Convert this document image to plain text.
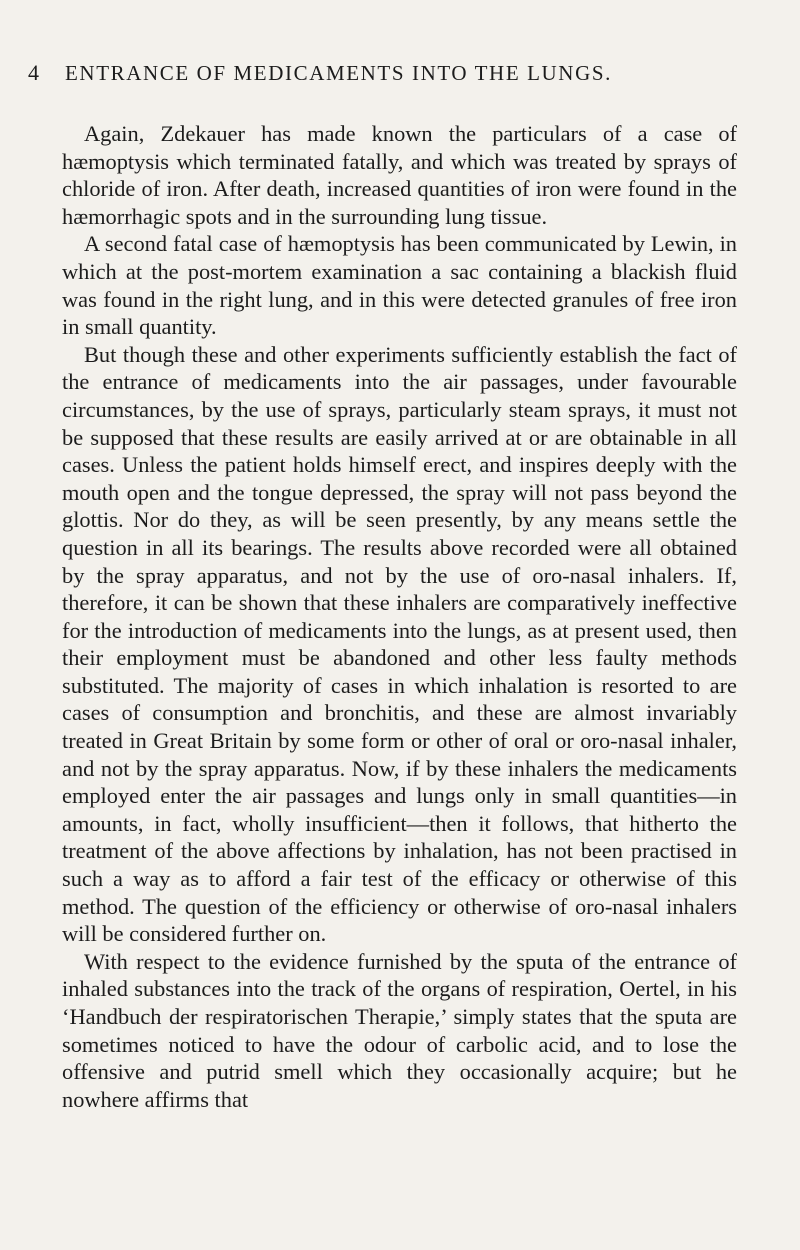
4 ENTRANCE OF MEDICAMENTS INTO THE LUNGS.

Again, Zdekauer has made known the particulars of a case of hæmoptysis which terminated fatally, and which was treated by sprays of chloride of iron. After death, increased quantities of iron were found in the hæmorrhagic spots and in the surrounding lung tissue.

A second fatal case of hæmoptysis has been communicated by Lewin, in which at the post-mortem examination a sac containing a blackish fluid was found in the right lung, and in this were detected granules of free iron in small quantity.

But though these and other experiments sufficiently establish the fact of the entrance of medicaments into the air passages, under favourable circumstances, by the use of sprays, particularly steam sprays, it must not be supposed that these results are easily arrived at or are obtainable in all cases. Unless the patient holds himself erect, and inspires deeply with the mouth open and the tongue depressed, the spray will not pass beyond the glottis. Nor do they, as will be seen presently, by any means settle the question in all its bearings. The results above recorded were all obtained by the spray apparatus, and not by the use of oro-nasal inhalers. If, therefore, it can be shown that these inhalers are comparatively ineffective for the introduction of medicaments into the lungs, as at present used, then their employment must be abandoned and other less faulty methods substituted. The majority of cases in which inhalation is resorted to are cases of consumption and bronchitis, and these are almost invariably treated in Great Britain by some form or other of oral or oro-nasal inhaler, and not by the spray apparatus. Now, if by these inhalers the medicaments employed enter the air passages and lungs only in small quantities—in amounts, in fact, wholly insufficient—then it follows, that hitherto the treatment of the above affections by inhalation, has not been practised in such a way as to afford a fair test of the efficacy or otherwise of this method. The question of the efficiency or otherwise of oro-nasal inhalers will be considered further on.

With respect to the evidence furnished by the sputa of the entrance of inhaled substances into the track of the organs of respiration, Oertel, in his ‘Handbuch der respiratorischen Therapie,’ simply states that the sputa are sometimes noticed to have the odour of carbolic acid, and to lose the offensive and putrid smell which they occasionally acquire; but he nowhere affirms that
